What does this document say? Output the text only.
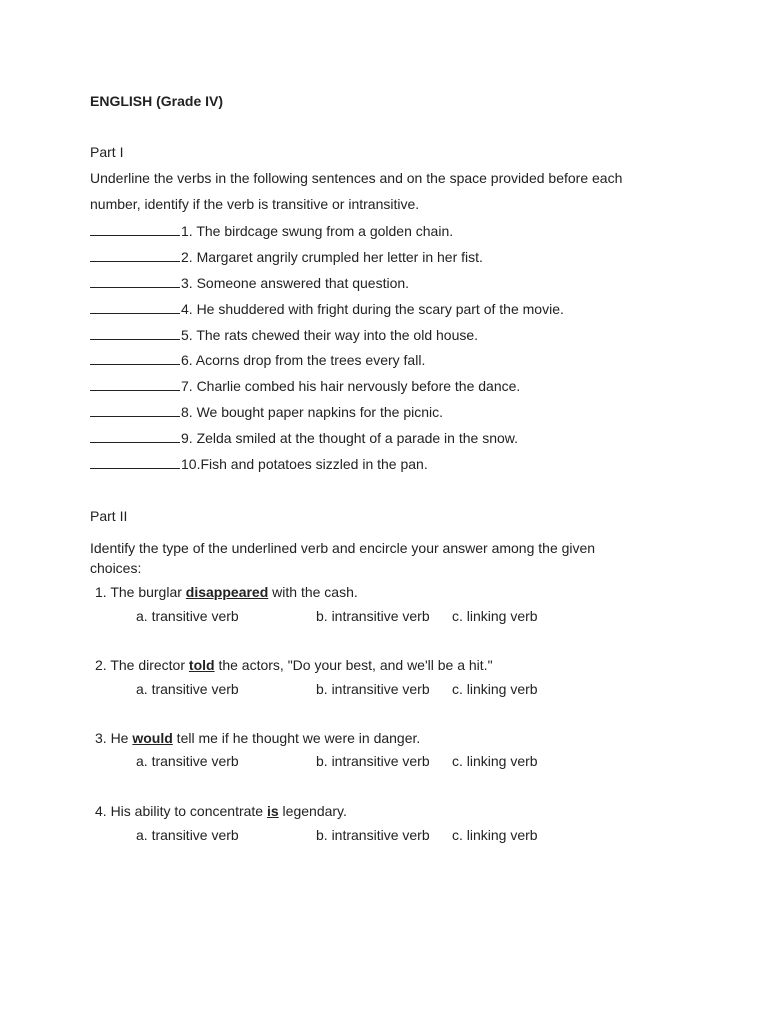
ENGLISH (Grade IV)
Part I
Underline the verbs in the following sentences and on the space provided before each
number, identify if the verb is transitive or intransitive.
1. The birdcage swung from a golden chain.
2. Margaret angrily crumpled her letter in her fist.
3. Someone answered that question.
4. He shuddered with fright during the scary part of the movie.
5. The rats chewed their way into the old house.
6. Acorns drop from the trees every fall.
7. Charlie combed his hair nervously before the dance.
8. We bought paper napkins for the picnic.
9. Zelda smiled at the thought of a parade in the snow.
10.Fish and potatoes sizzled in the pan.
Part II
Identify the type of the underlined verb and encircle your answer among the given
choices:
1. The burglar disappeared with the cash.
a. transitive verb	b. intransitive verb c. linking verb
2. The director told the actors, "Do your best, and we'll be a hit."
a. transitive verb	b. intransitive verb c. linking verb
3. He would tell me if he thought we were in danger.
a. transitive verb	b. intransitive verb c. linking verb
4. His ability to concentrate is legendary.
a. transitive verb	b. intransitive verb c. linking verb
